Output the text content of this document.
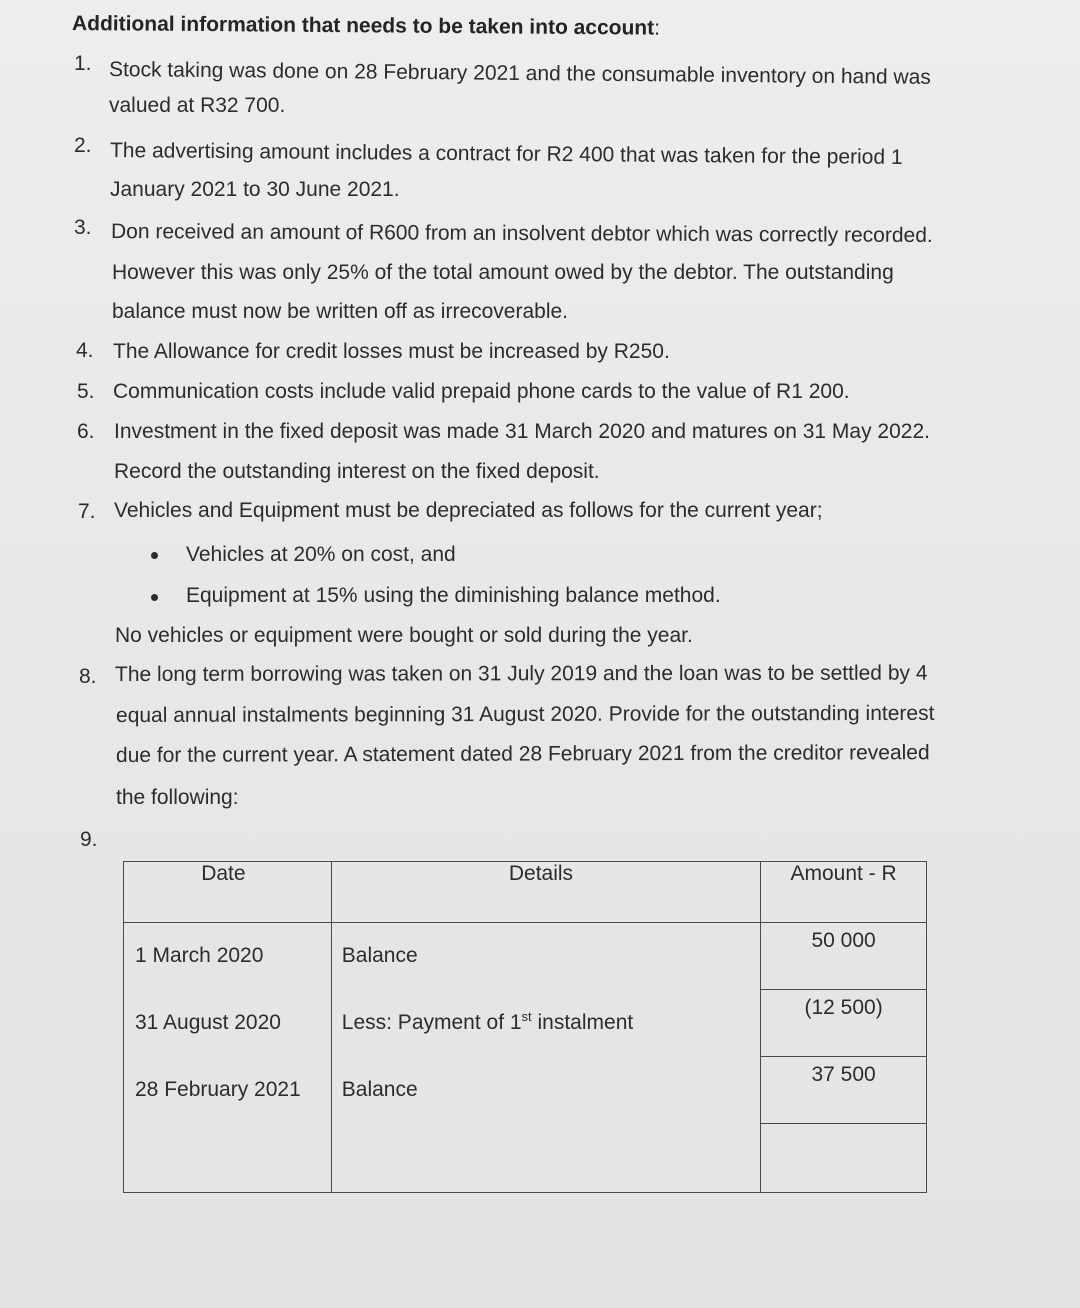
Additional information that needs to be taken into account:
1. Stock taking was done on 28 February 2021 and the consumable inventory on hand was
valued at R32 700.
2. The advertising amount includes a contract for R2 400 that was taken for the period 1
January 2021 to 30 June 2021.
3. Don received an amount of R600 from an insolvent debtor which was correctly recorded.
However this was only 25% of the total amount owed by the debtor. The outstanding
balance must now be written off as irrecoverable.
4. The Allowance for credit losses must be increased by R250.
5. Communication costs include valid prepaid phone cards to the value of R1 200.
6. Investment in the fixed deposit was made 31 March 2020 and matures on 31 May 2022.
Record the outstanding interest on the fixed deposit.
7. Vehicles and Equipment must be depreciated as follows for the current year;
Vehicles at 20% on cost, and
Equipment at 15% using the diminishing balance method.
No vehicles or equipment were bought or sold during the year.
8. The long term borrowing was taken on 31 July 2019 and the loan was to be settled by 4
equal annual instalments beginning 31 August 2020. Provide for the outstanding interest
due for the current year. A statement dated 28 February 2021 from the creditor revealed
the following:
9.
Date	Details	Amount - R
1 March 2020	Balance	50 000
31 August 2020	Less: Payment of 1st instalment	(12 500)
28 February 2021	Balance	37 500
